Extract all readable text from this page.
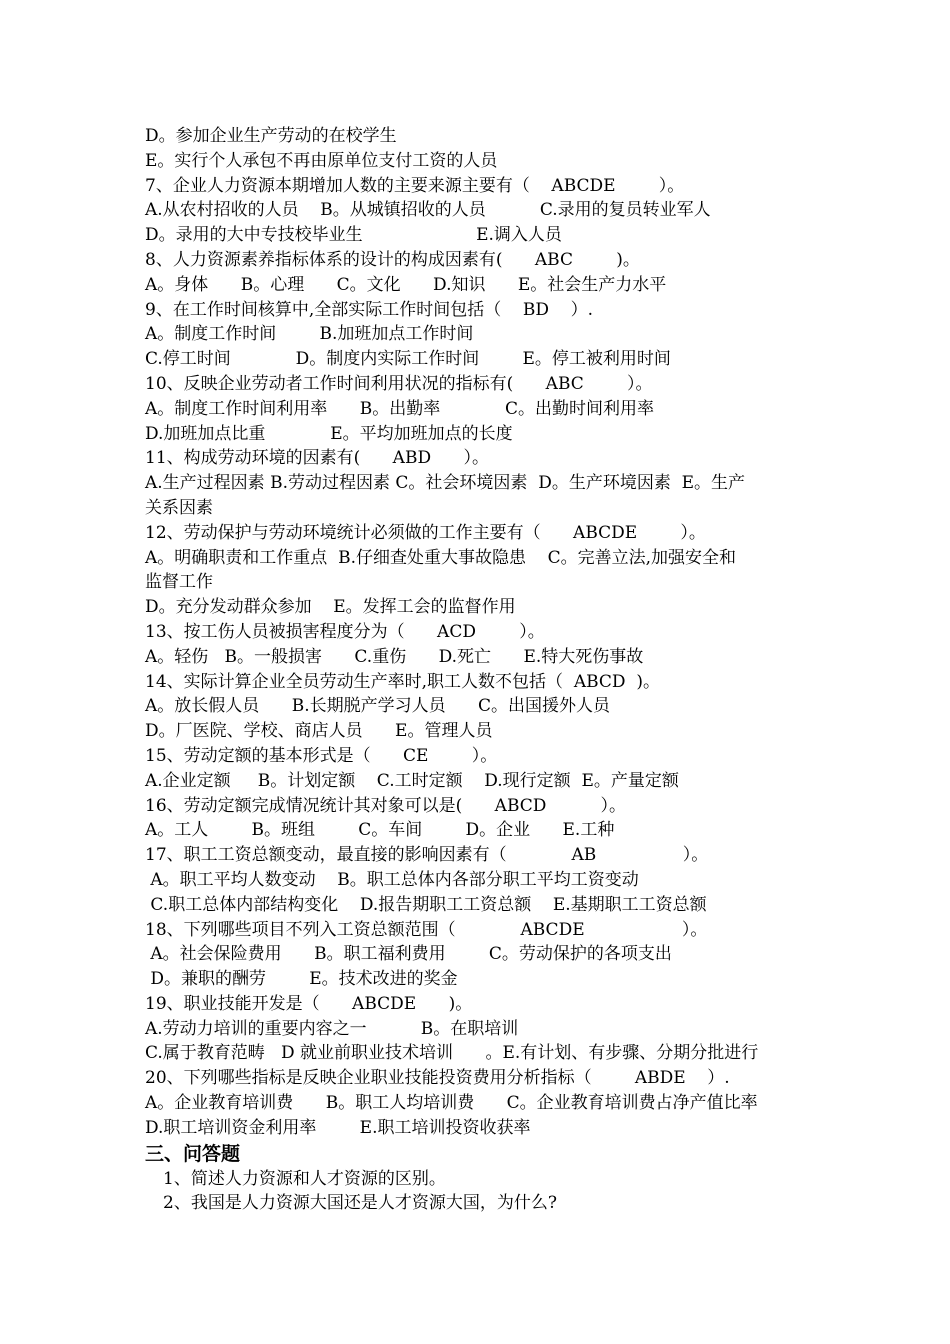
D。参加企业生产劳动的在校学生
E。实行个人承包不再由原单位支付工资的人员
7、企业人力资源本期增加人数的主要来源主要有（    ABCDE        ）。
A.从农村招收的人员    B。从城镇招收的人员          C.录用的复员转业军人
D。录用的大中专技校毕业生                     E.调入人员
8、人力资源素养指标体系的设计的构成因素有(      ABC        )。
A。身体      B。心理      C。文化      D.知识      E。社会生产力水平
9、在工作时间核算中,全部实际工作时间包括（    BD    ）.
A。制度工作时间        B.加班加点工作时间
C.停工时间            D。制度内实际工作时间        E。停工被利用时间
10、反映企业劳动者工作时间利用状况的指标有(      ABC        ）。
A。制度工作时间利用率      B。出勤率            C。出勤时间利用率
D.加班加点比重            E。平均加班加点的长度
11、构成劳动环境的因素有(      ABD      ）。
A.生产过程因素 B.劳动过程因素 C。社会环境因素  D。生产环境因素  E。生产
关系因素
12、劳动保护与劳动环境统计必须做的工作主要有（      ABCDE        ）。
A。明确职责和工作重点  B.仔细查处重大事故隐患    C。完善立法,加强安全和
监督工作
D。充分发动群众参加    E。发挥工会的监督作用
13、按工伤人员被损害程度分为（      ACD        ）。
A。轻伤   B。一般损害      C.重伤      D.死亡      E.特大死伤事故
14、实际计算企业全员劳动生产率时,职工人数不包括（  ABCD  )。
A。放长假人员      B.长期脱产学习人员      C。出国援外人员
D。厂医院、学校、商店人员      E。管理人员
15、劳动定额的基本形式是（      CE        ）。
A.企业定额     B。计划定额    C.工时定额    D.现行定额  E。产量定额
16、劳动定额完成情况统计其对象可以是(      ABCD          ）。
A。工人        B。班组        C。车间        D。企业      E.工种
17、职工工资总额变动，最直接的影响因素有（            AB                ）。
A。职工平均人数变动    B。职工总体内各部分职工平均工资变动
C.职工总体内部结构变化    D.报告期职工工资总额    E.基期职工工资总额
18、下列哪些项目不列入工资总额范围（            ABCDE                  ）。
A。社会保险费用      B。职工福利费用        C。劳动保护的各项支出
D。兼职的酬劳        E。技术改进的奖金
19、职业技能开发是（      ABCDE      )。
A.劳动力培训的重要内容之一          B。在职培训
C.属于教育范畴   D 就业前职业技术培训      。E.有计划、有步骤、分期分批进行
20、下列哪些指标是反映企业职业技能投资费用分析指标（        ABDE    ）.
A。企业教育培训费      B。职工人均培训费      C。企业教育培训费占净产值比率
D.职工培训资金利用率        E.职工培训投资收获率
三、问答题
1、简述人力资源和人才资源的区别。
2、我国是人力资源大国还是人才资源大国，为什么?
